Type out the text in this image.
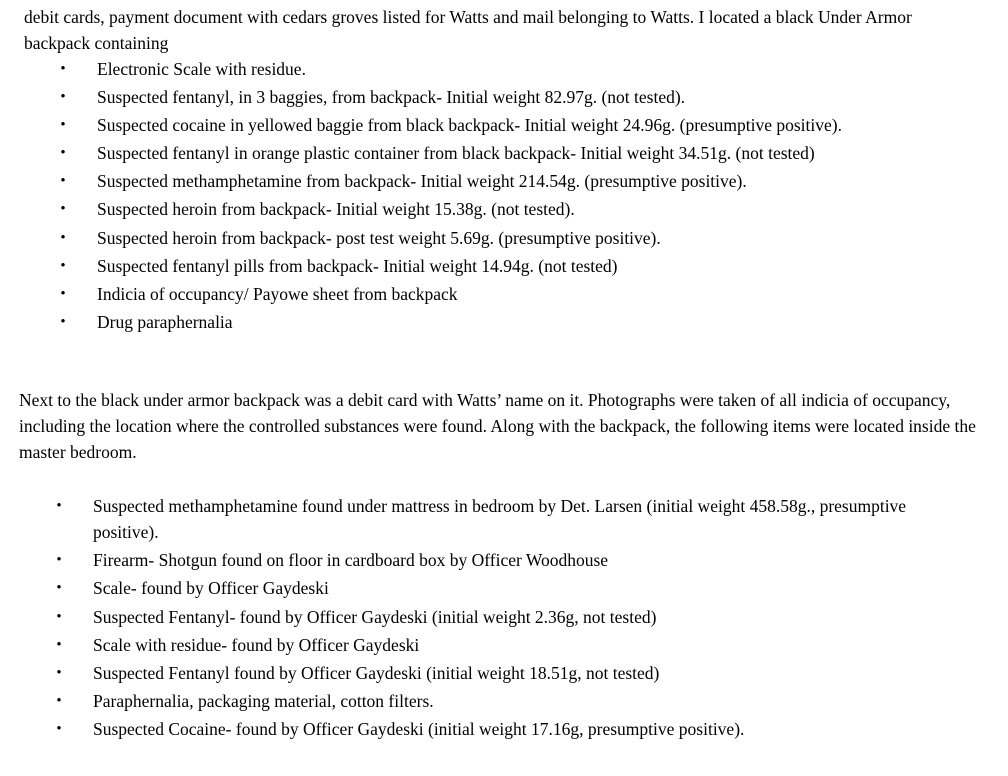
debit cards, payment document with cedars groves listed for Watts and mail belonging to Watts. I located a black Under Armor backpack containing

• Electronic Scale with residue.
• Suspected fentanyl, in 3 baggies, from backpack- Initial weight 82.97g. (not tested).
• Suspected cocaine in yellowed baggie from black backpack- Initial weight 24.96g. (presumptive positive).
• Suspected fentanyl in orange plastic container from black backpack- Initial weight 34.51g. (not tested)
• Suspected methamphetamine from backpack- Initial weight 214.54g. (presumptive positive).
• Suspected heroin from backpack- Initial weight 15.38g. (not tested).
• Suspected heroin from backpack- post test weight 5.69g. (presumptive positive).
• Suspected fentanyl pills from backpack- Initial weight 14.94g. (not tested)
• Indicia of occupancy/ Payowe sheet from backpack
• Drug paraphernalia

Next to the black under armor backpack was a debit card with Watts’ name on it. Photographs were taken of all indicia of occupancy, including the location where the controlled substances were found. Along with the backpack, the following items were located inside the master bedroom.

• Suspected methamphetamine found under mattress in bedroom by Det. Larsen (initial weight 458.58g., presumptive positive).
• Firearm- Shotgun found on floor in cardboard box by Officer Woodhouse
• Scale- found by Officer Gaydeski
• Suspected Fentanyl- found by Officer Gaydeski (initial weight 2.36g, not tested)
• Scale with residue- found by Officer Gaydeski
• Suspected Fentanyl found by Officer Gaydeski (initial weight 18.51g, not tested)
• Paraphernalia, packaging material, cotton filters.
• Suspected Cocaine- found by Officer Gaydeski (initial weight 17.16g, presumptive positive).
